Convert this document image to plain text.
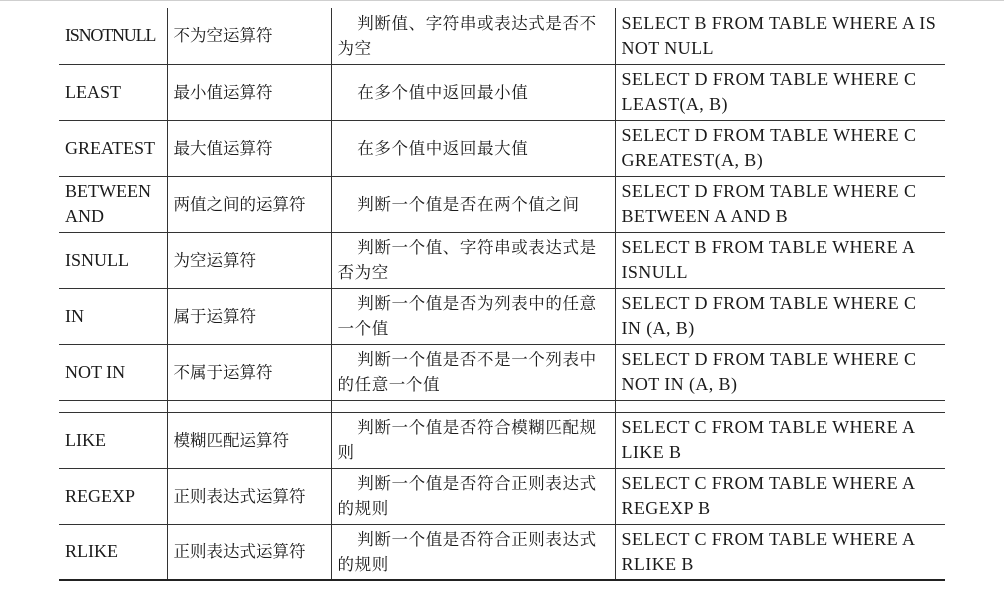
ISNOTNULL	不为空运算符	判断值、字符串或表达式是否不为空	SELECT B FROM TABLE WHERE A IS NOT NULL
LEAST	最小值运算符	在多个值中返回最小值	SELECT D FROM TABLE WHERE C LEAST(A, B)
GREATEST	最大值运算符	在多个值中返回最大值	SELECT D FROM TABLE WHERE C GREATEST(A, B)
BETWEEN AND	两值之间的运算符	判断一个值是否在两个值之间	SELECT D FROM TABLE WHERE C BETWEEN A AND B
ISNULL	为空运算符	判断一个值、字符串或表达式是否为空	SELECT B FROM TABLE WHERE A ISNULL
IN	属于运算符	判断一个值是否为列表中的任意一个值	SELECT D FROM TABLE WHERE C IN (A, B)
NOT IN	不属于运算符	判断一个值是否不是一个列表中的任意一个值	SELECT D FROM TABLE WHERE C NOT IN (A, B)

LIKE	模糊匹配运算符	判断一个值是否符合模糊匹配规则	SELECT C FROM TABLE WHERE A LIKE B
REGEXP	正则表达式运算符	判断一个值是否符合正则表达式的规则	SELECT C FROM TABLE WHERE A REGEXP B
RLIKE	正则表达式运算符	判断一个值是否符合正则表达式的规则	SELECT C FROM TABLE WHERE A RLIKE B
